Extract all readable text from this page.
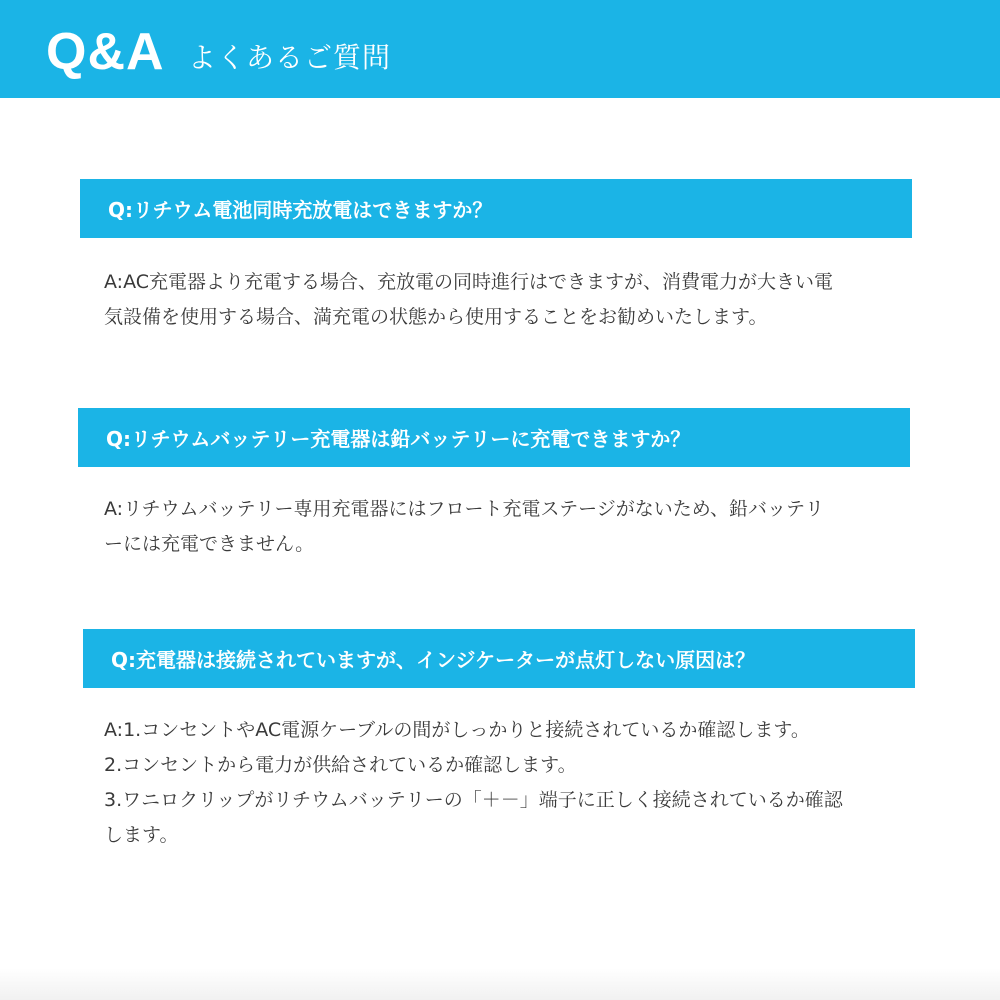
Q&A よくあるご質問
Q:リチウム電池同時充放電はできますか？
A:AC充電器より充電する場合、充放電の同時進行はできますが、消費電力が大きい電
気設備を使用する場合、満充電の状態から使用することをお勧めいたします。
Q:リチウムバッテリー充電器は鉛バッテリーに充電できますか？
A:リチウムバッテリー専用充電器にはフロート充電ステージがないため、鉛バッテリ
ーには充電できません。
Q:充電器は接続されていますが、インジケーターが点灯しない原因は？
A:1.コンセントやAC電源ケーブルの間がしっかりと接続されているか確認します。
2.コンセントから電力が供給されているか確認します。
3.ワニロクリップがリチウムバッテリーの「＋－」端子に正しく接続されているか確認
します。
